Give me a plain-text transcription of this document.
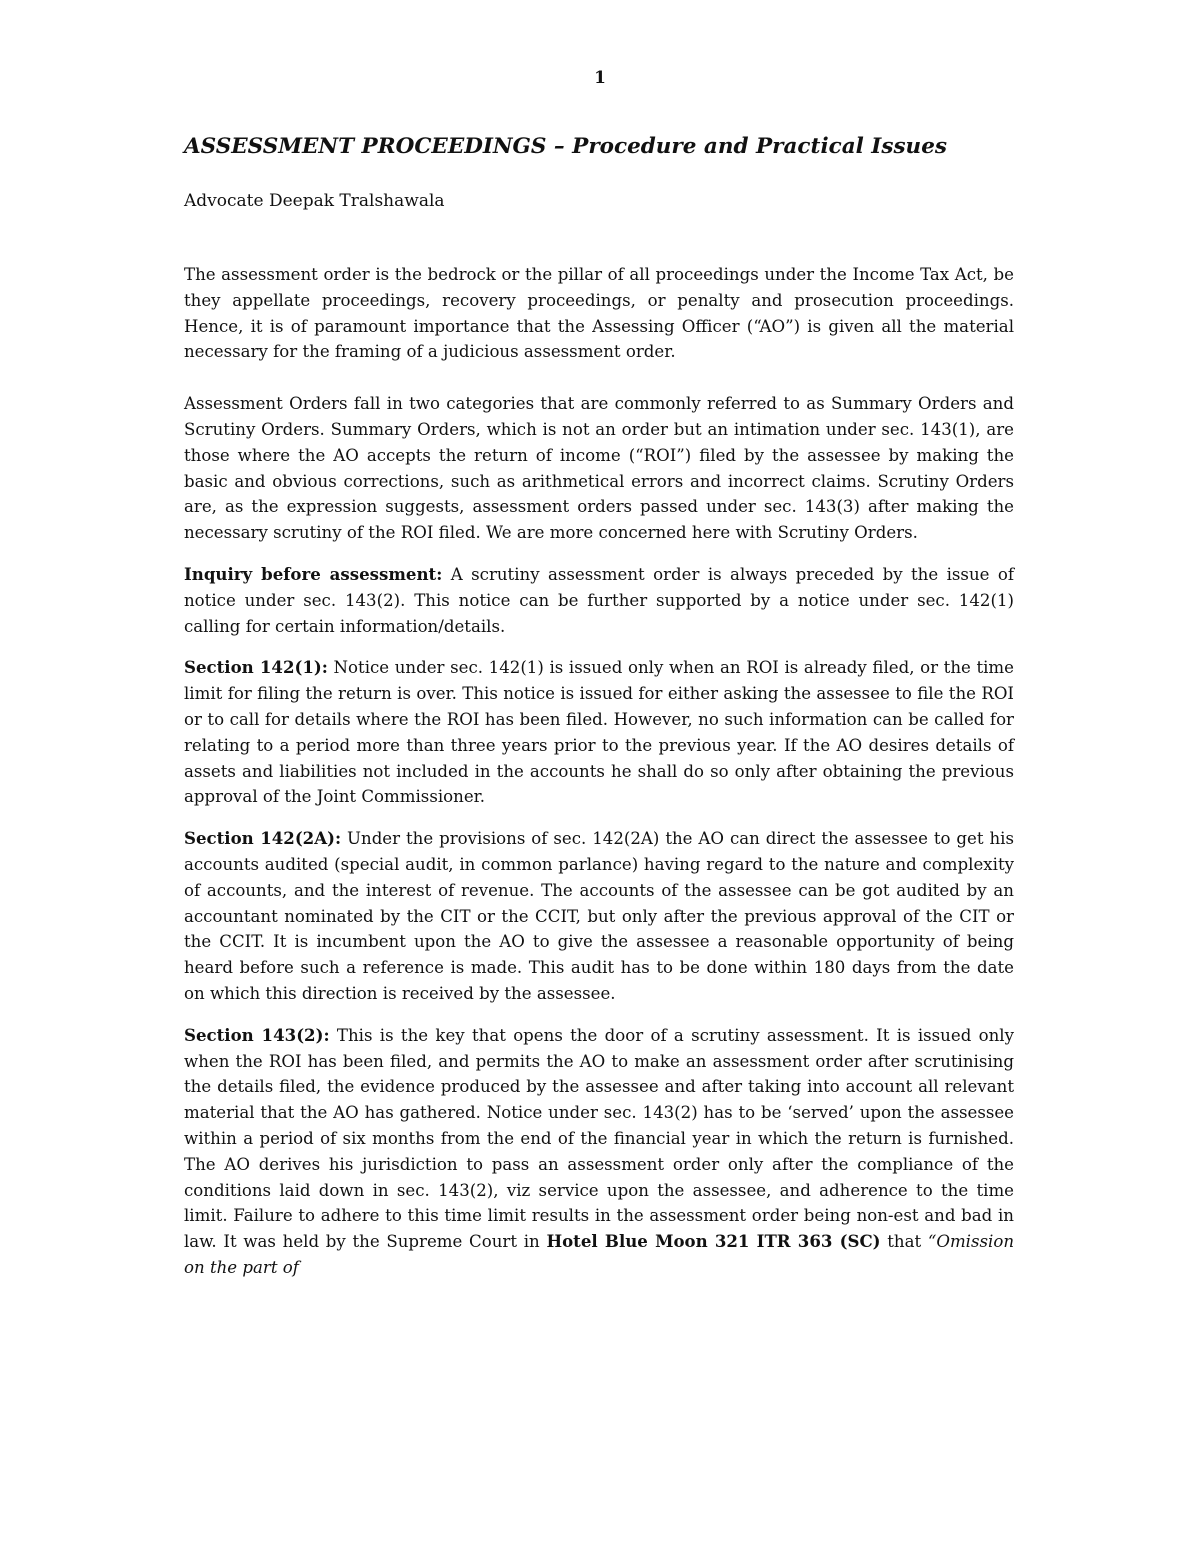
1
ASSESSMENT PROCEEDINGS – Procedure and Practical Issues
Advocate Deepak Tralshawala

The assessment order is the bedrock or the pillar of all proceedings under the Income Tax Act, be they appellate proceedings, recovery proceedings, or penalty and prosecution proceedings. Hence, it is of paramount importance that the Assessing Officer (“AO”) is given all the material necessary for the framing of a judicious assessment order.

Assessment Orders fall in two categories that are commonly referred to as Summary Orders and Scrutiny Orders. Summary Orders, which is not an order but an intimation under sec. 143(1), are those where the AO accepts the return of income (“ROI”) filed by the assessee by making the basic and obvious corrections, such as arithmetical errors and incorrect claims. Scrutiny Orders are, as the expression suggests, assessment orders passed under sec. 143(3) after making the necessary scrutiny of the ROI filed. We are more concerned here with Scrutiny Orders.

Inquiry before assessment: A scrutiny assessment order is always preceded by the issue of notice under sec. 143(2). This notice can be further supported by a notice under sec. 142(1) calling for certain information/details.

Section 142(1): Notice under sec. 142(1) is issued only when an ROI is already filed, or the time limit for filing the return is over. This notice is issued for either asking the assessee to file the ROI or to call for details where the ROI has been filed. However, no such information can be called for relating to a period more than three years prior to the previous year. If the AO desires details of assets and liabilities not included in the accounts he shall do so only after obtaining the previous approval of the Joint Commissioner.

Section 142(2A): Under the provisions of sec. 142(2A) the AO can direct the assessee to get his accounts audited (special audit, in common parlance) having regard to the nature and complexity of accounts, and the interest of revenue. The accounts of the assessee can be got audited by an accountant nominated by the CIT or the CCIT, but only after the previous approval of the CIT or the CCIT. It is incumbent upon the AO to give the assessee a reasonable opportunity of being heard before such a reference is made. This audit has to be done within 180 days from the date on which this direction is received by the assessee.

Section 143(2): This is the key that opens the door of a scrutiny assessment. It is issued only when the ROI has been filed, and permits the AO to make an assessment order after scrutinising the details filed, the evidence produced by the assessee and after taking into account all relevant material that the AO has gathered. Notice under sec. 143(2) has to be ‘served’ upon the assessee within a period of six months from the end of the financial year in which the return is furnished. The AO derives his jurisdiction to pass an assessment order only after the compliance of the conditions laid down in sec. 143(2), viz service upon the assessee, and adherence to the time limit. Failure to adhere to this time limit results in the assessment order being non-est and bad in law. It was held by the Supreme Court in Hotel Blue Moon 321 ITR 363 (SC) that “Omission on the part of
